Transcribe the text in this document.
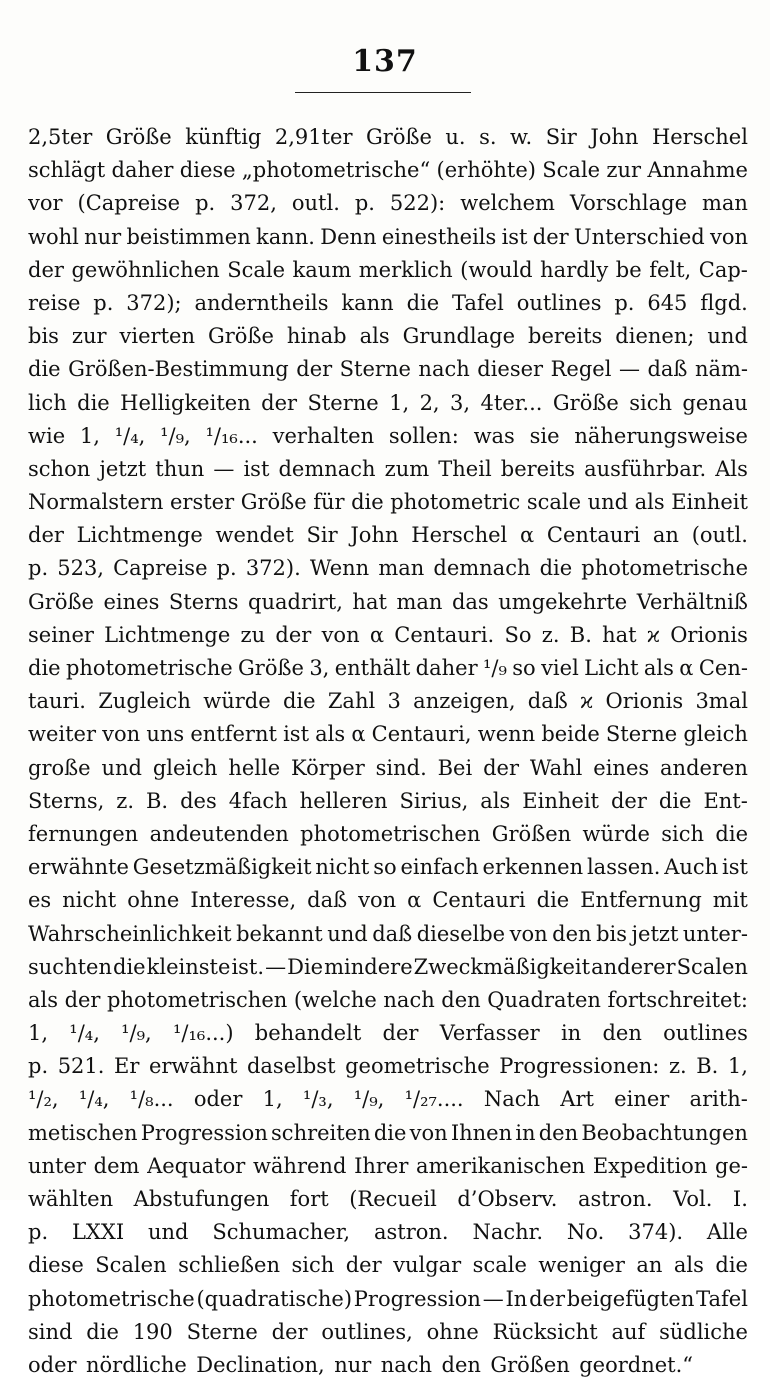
137
2,5ter Größe künftig 2,91ter Größe u. s. w. Sir John Herschel
schlägt daher diese „photometrische“ (erhöhte) Scale zur Annahme
vor (Capreise p. 372, outl. p. 522): welchem Vorschlage man
wohl nur beistimmen kann. Denn einestheils ist der Unterschied von
der gewöhnlichen Scale kaum merklich (would hardly be felt, Cap-
reise p. 372); anderntheils kann die Tafel outlines p. 645 flgd.
bis zur vierten Größe hinab als Grundlage bereits dienen; und
die Größen-Bestimmung der Sterne nach dieser Regel — daß näm-
lich die Helligkeiten der Sterne 1, 2, 3, 4ter... Größe sich genau
wie 1, ¹/₄, ¹/₉, ¹/₁₆... verhalten sollen: was sie näherungsweise
schon jetzt thun — ist demnach zum Theil bereits ausführbar. Als
Normalstern erster Größe für die photometric scale und als Einheit
der Lichtmenge wendet Sir John Herschel α Centauri an (outl.
p. 523, Capreise p. 372). Wenn man demnach die photometrische
Größe eines Sterns quadrirt, hat man das umgekehrte Verhältniß
seiner Lichtmenge zu der von α Centauri. So z. B. hat ϰ Orionis
die photometrische Größe 3, enthält daher ¹/₉ so viel Licht als α Cen-
tauri. Zugleich würde die Zahl 3 anzeigen, daß ϰ Orionis 3mal
weiter von uns entfernt ist als α Centauri, wenn beide Sterne gleich
große und gleich helle Körper sind. Bei der Wahl eines anderen
Sterns, z. B. des 4fach helleren Sirius, als Einheit der die Ent-
fernungen andeutenden photometrischen Größen würde sich die
erwähnte Gesetzmäßigkeit nicht so einfach erkennen lassen. Auch ist
es nicht ohne Interesse, daß von α Centauri die Entfernung mit
Wahrscheinlichkeit bekannt und daß dieselbe von den bis jetzt unter-
suchten die kleinste ist. — Die mindere Zweckmäßigkeit anderer Scalen
als der photometrischen (welche nach den Quadraten fortschreitet:
1, ¹/₄, ¹/₉, ¹/₁₆...) behandelt der Verfasser in den outlines
p. 521. Er erwähnt daselbst geometrische Progressionen: z. B. 1,
¹/₂, ¹/₄, ¹/₈... oder 1, ¹/₃, ¹/₉, ¹/₂₇.... Nach Art einer arith-
metischen Progression schreiten die von Ihnen in den Beobachtungen
unter dem Aequator während Ihrer amerikanischen Expedition ge-
wählten Abstufungen fort (Recueil d’Observ. astron. Vol. I.
p. LXXI und Schumacher, astron. Nachr. No. 374). Alle
diese Scalen schließen sich der vulgar scale weniger an als die
photometrische (quadratische) Progression — In der beigefügten Tafel
sind die 190 Sterne der outlines, ohne Rücksicht auf südliche
oder nördliche Declination, nur nach den Größen geordnet.“
